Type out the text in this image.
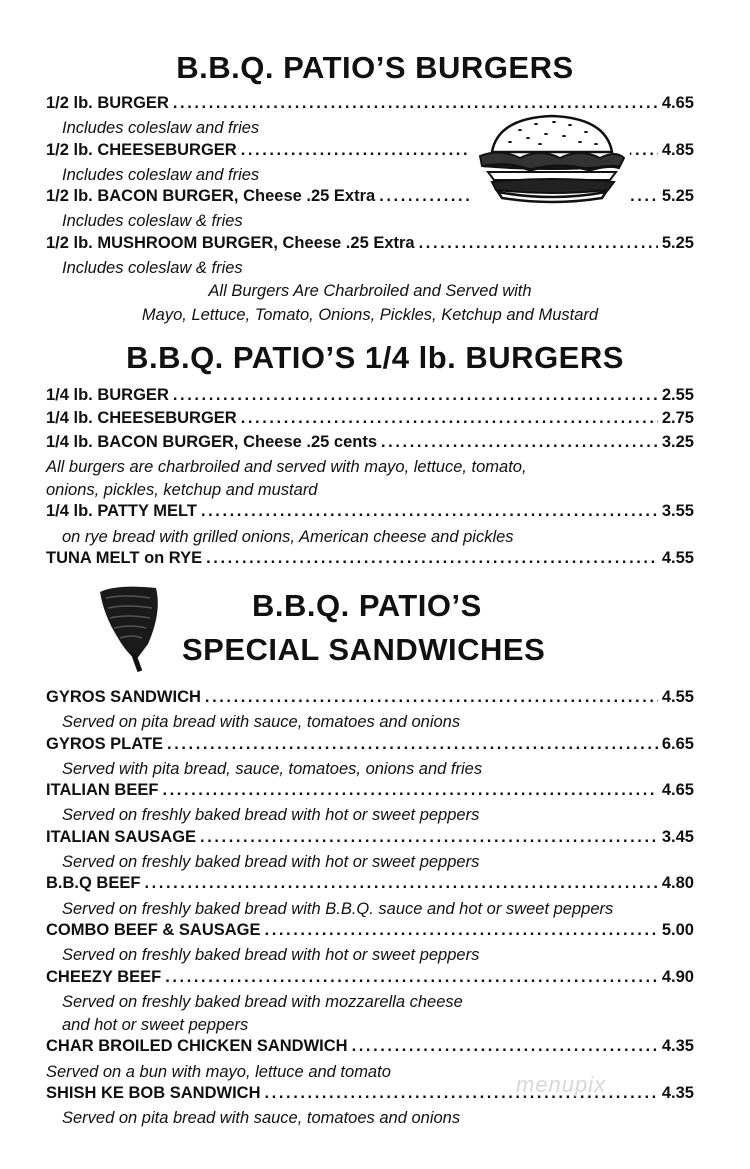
B.B.Q. PATIO’S BURGERS
1/2 lb. BURGER . . .	4.65
Includes coleslaw and fries
1/2 lb. CHEESEBURGER . . .	4.85
Includes coleslaw and fries
1/2 lb. BACON BURGER, Cheese .25 Extra . . .	5.25
Includes coleslaw & fries
1/2 lb. MUSHROOM BURGER, Cheese .25 Extra . . .	5.25
Includes coleslaw & fries
All Burgers Are Charbroiled and Served with
Mayo, Lettuce, Tomato, Onions, Pickles, Ketchup and Mustard
B.B.Q. PATIO’S 1/4 lb. BURGERS
1/4 lb. BURGER . . .	2.55
1/4 lb. CHEESEBURGER . . .	2.75
1/4 lb. BACON BURGER, Cheese .25 cents . . .	3.25
All burgers are charbroiled and served with mayo, lettuce, tomato,
onions, pickles, ketchup and mustard
1/4 lb. PATTY MELT . . .	3.55
on rye bread with grilled onions, American cheese and pickles
TUNA MELT on RYE . . .	4.55
B.B.Q. PATIO’S
SPECIAL SANDWICHES
GYROS SANDWICH . . .	4.55
Served on pita bread with sauce, tomatoes and onions
GYROS PLATE . . .	6.65
Served with pita bread, sauce, tomatoes, onions and fries
ITALIAN BEEF . . .	4.65
Served on freshly baked bread with hot or sweet peppers
ITALIAN SAUSAGE . . .	3.45
Served on freshly baked bread with hot or sweet peppers
B.B.Q BEEF . . .	4.80
Served on freshly baked bread with B.B.Q. sauce and hot or sweet peppers
COMBO BEEF & SAUSAGE . . .	5.00
Served on freshly baked bread with hot or sweet peppers
CHEEZY BEEF . . .	4.90
Served on freshly baked bread with mozzarella cheese
and hot or sweet peppers
CHAR BROILED CHICKEN SANDWICH . . .	4.35
Served on a bun with mayo, lettuce and tomato
SHISH KE BOB SANDWICH . . .	4.35
Served on pita bread with sauce, tomatoes and onions
menupix
